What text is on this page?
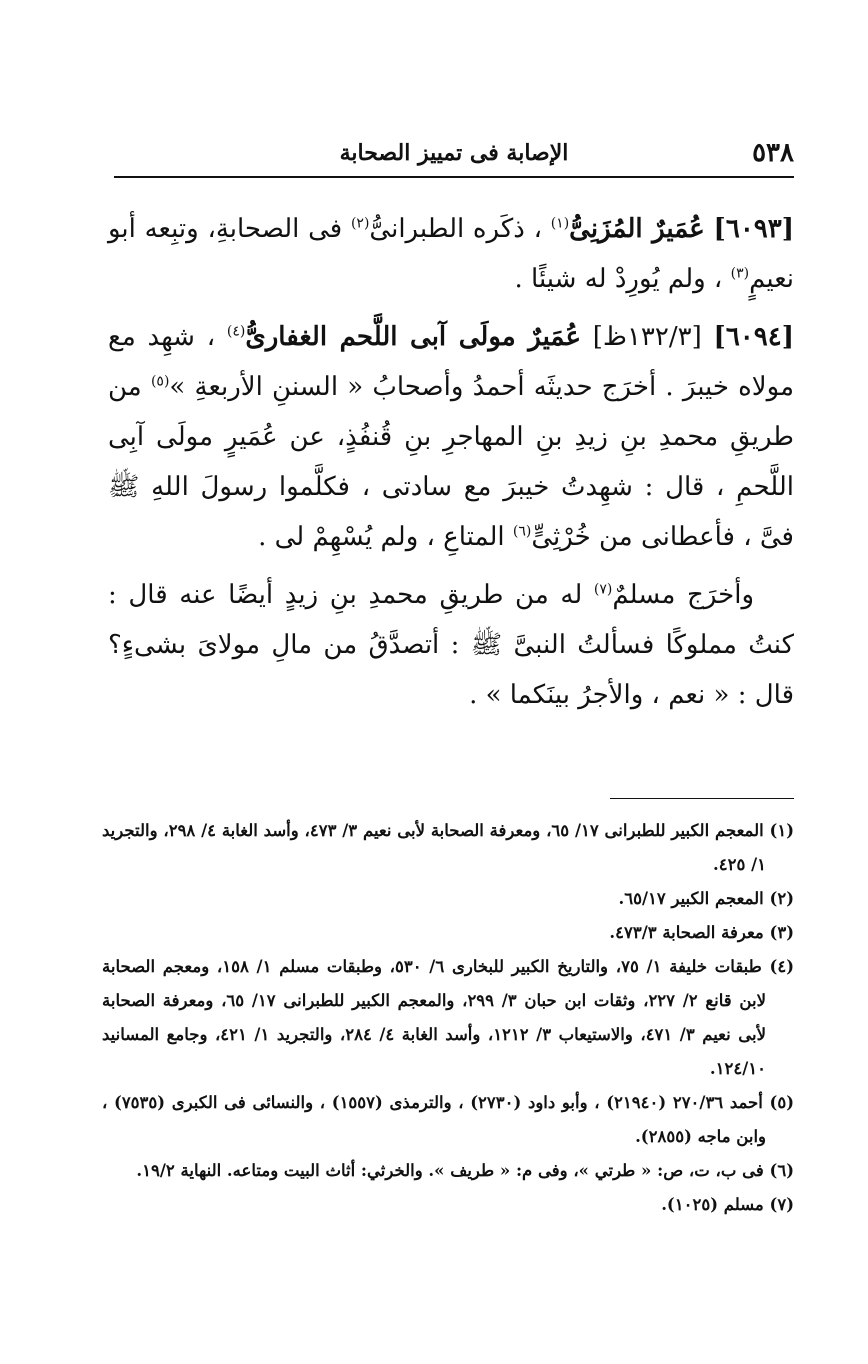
٥٣٨
الإصابة فى تمييز الصحابة

[٦٠٩٣] عُمَيرٌ المُزَنِىُّ$^{(١)}$ ، ذكَره الطبرانىُّ$^{(٢)}$ فى الصحابةِ، وتبِعه أبو نعيمٍ$^{(٣)}$ ، ولم يُورِدْ له شيئًا .

[٦٠٩٤] [١٣٢/٣ظ] عُمَيرٌ مولَى آبى اللَّحم الغفارىُّ$^{(٤)}$ ، شهِد مع مولاه خيبرَ . أخرَج حديثَه أحمدُ وأصحابُ « السننِ الأربعةِ »$^{(٥)}$ من طريقِ محمدِ بنِ زيدِ بنِ المهاجرِ بنِ قُنفُذٍ، عن عُمَيرٍ مولَى آبِى اللَّحمِ ، قال : شهِدتُ خيبرَ مع سادتى ، فكلَّموا رسولَ اللهِ ﷺ فىَّ ، فأعطانى من خُرْثِىٍّ$^{(٦)}$ المتاعِ ، ولم يُسْهِمْ لى .

وأخرَج مسلمٌ$^{(٧)}$ له من طريقِ محمدِ بنِ زيدٍ أيضًا عنه قال : كنتُ مملوكًا فسألتُ النبىَّ ﷺ : أتصدَّقُ من مالِ مولاىَ بشىءٍ؟ قال : « نعم ، والأجرُ بينَكما » .

(١) المعجم الكبير للطبرانى ١٧/ ٦٥، ومعرفة الصحابة لأبى نعيم ٣/ ٤٧٣، وأسد الغابة ٤/ ٢٩٨، والتجريد ١/ ٤٢٥.
(٢) المعجم الكبير ٦٥/١٧.
(٣) معرفة الصحابة ٤٧٣/٣.
(٤) طبقات خليفة ١/ ٧٥، والتاريخ الكبير للبخارى ٦/ ٥٣٠، وطبقات مسلم ١/ ١٥٨، ومعجم الصحابة لابن قانع ٢/ ٢٢٧، وثقات ابن حبان ٣/ ٢٩٩، والمعجم الكبير للطبرانى ١٧/ ٦٥، ومعرفة الصحابة لأبى نعيم ٣/ ٤٧١، والاستيعاب ٣/ ١٢١٢، وأسد الغابة ٤/ ٢٨٤، والتجريد ١/ ٤٢١، وجامع المسانيد ١٢٤/١٠.
(٥) أحمد ٢٧٠/٣٦ (٢١٩٤٠) ، وأبو داود (٢٧٣٠) ، والترمذى (١٥٥٧) ، والنسائى فى الكبرى (٧٥٣٥) ، وابن ماجه (٢٨٥٥).
(٦) فى ب، ت، ص: « طرتي »، وفى م: « طريف ». والخرثي: أثاث البيت ومتاعه. النهاية ١٩/٢.
(٧) مسلم (١٠٢٥).
